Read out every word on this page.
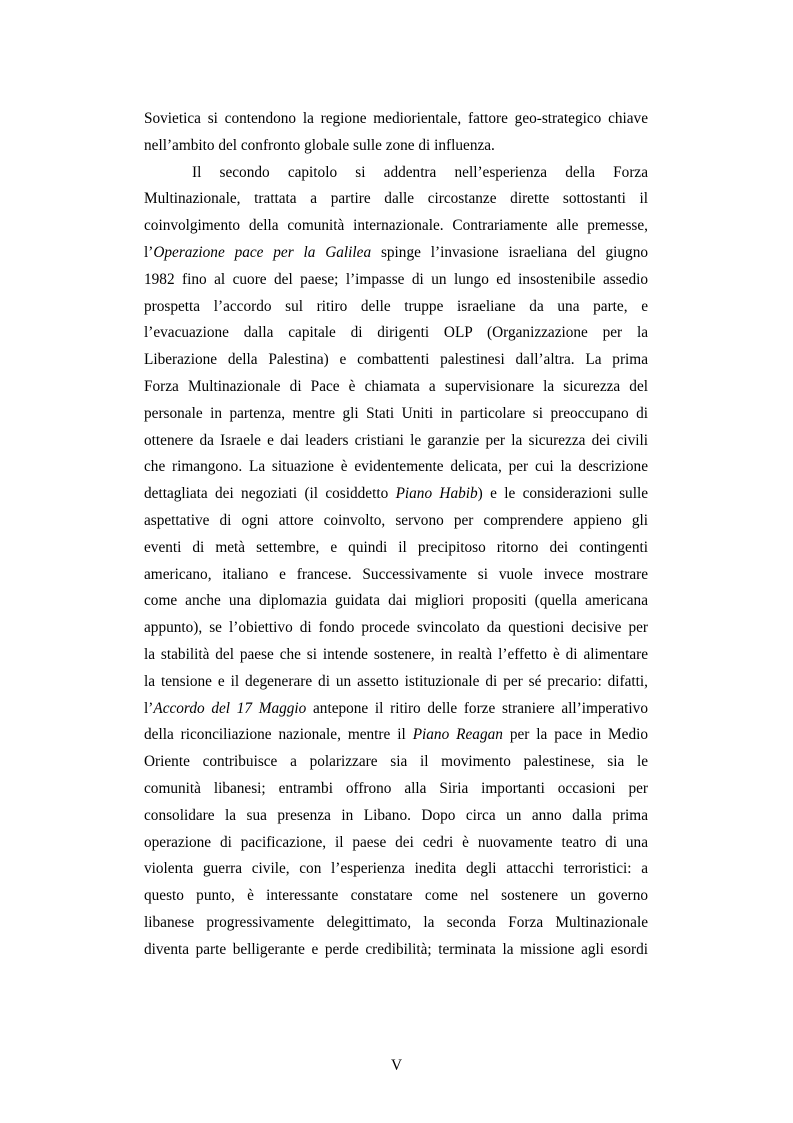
Sovietica si contendono la regione mediorientale, fattore geo-strategico chiave
nell’ambito del confronto globale sulle zone di influenza.
Il secondo capitolo si addentra nell’esperienza della Forza
Multinazionale, trattata a partire dalle circostanze dirette sottostanti il
coinvolgimento della comunità internazionale. Contrariamente alle premesse,
l’Operazione pace per la Galilea spinge l’invasione israeliana del giugno
1982 fino al cuore del paese; l’impasse di un lungo ed insostenibile assedio
prospetta l’accordo sul ritiro delle truppe israeliane da una parte, e
l’evacuazione dalla capitale di dirigenti OLP (Organizzazione per la
Liberazione della Palestina) e combattenti palestinesi dall’altra. La prima
Forza Multinazionale di Pace è chiamata a supervisionare la sicurezza del
personale in partenza, mentre gli Stati Uniti in particolare si preoccupano di
ottenere da Israele e dai leaders cristiani le garanzie per la sicurezza dei civili
che rimangono. La situazione è evidentemente delicata, per cui la descrizione
dettagliata dei negoziati (il cosiddetto Piano Habib) e le considerazioni sulle
aspettative di ogni attore coinvolto, servono per comprendere appieno gli
eventi di metà settembre, e quindi il precipitoso ritorno dei contingenti
americano, italiano e francese. Successivamente si vuole invece mostrare
come anche una diplomazia guidata dai migliori propositi (quella americana
appunto), se l’obiettivo di fondo procede svincolato da questioni decisive per
la stabilità del paese che si intende sostenere, in realtà l’effetto è di alimentare
la tensione e il degenerare di un assetto istituzionale di per sé precario: difatti,
l’Accordo del 17 Maggio antepone il ritiro delle forze straniere all’imperativo
della riconciliazione nazionale, mentre il Piano Reagan per la pace in Medio
Oriente contribuisce a polarizzare sia il movimento palestinese, sia le
comunità libanesi; entrambi offrono alla Siria importanti occasioni per
consolidare la sua presenza in Libano. Dopo circa un anno dalla prima
operazione di pacificazione, il paese dei cedri è nuovamente teatro di una
violenta guerra civile, con l’esperienza inedita degli attacchi terroristici: a
questo punto, è interessante constatare come nel sostenere un governo
libanese progressivamente delegittimato, la seconda Forza Multinazionale
diventa parte belligerante e perde credibilità; terminata la missione agli esordi
V
